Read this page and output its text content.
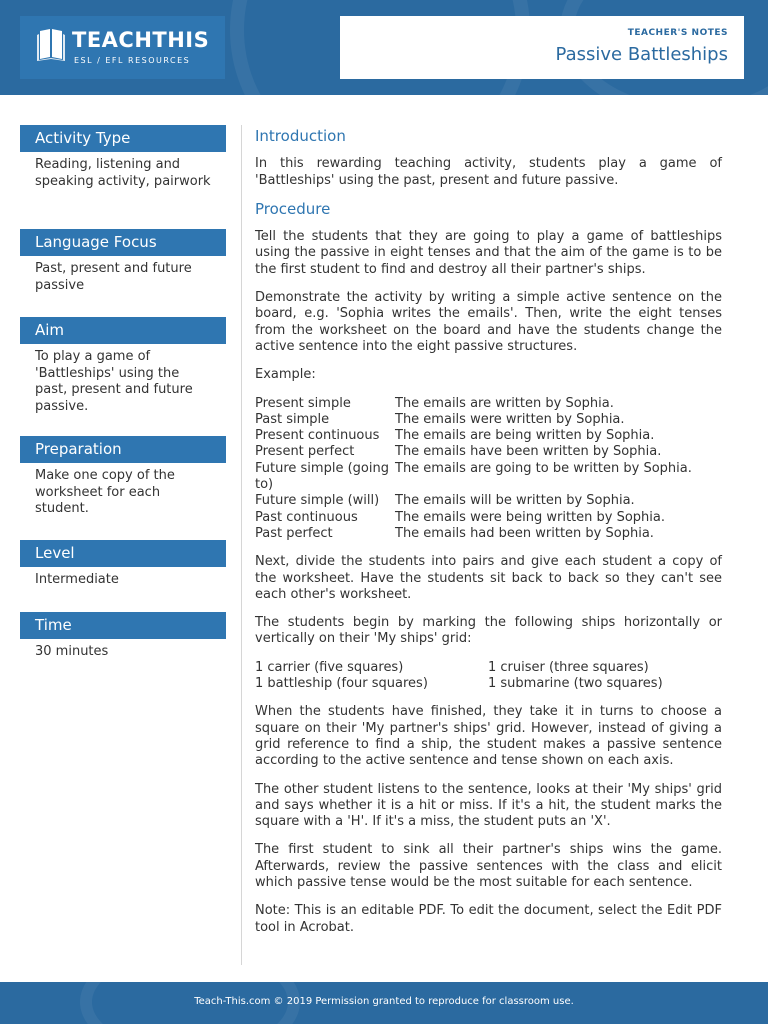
TEACHTHIS
ESL / EFL RESOURCES
TEACHER'S NOTES
Passive Battleships
Activity Type
Reading, listening and speaking activity, pairwork
Language Focus
Past, present and future passive
Aim
To play a game of 'Battleships' using the past, present and future passive.
Preparation
Make one copy of the worksheet for each student.
Level
Intermediate
Time
30 minutes
Introduction

In this rewarding teaching activity, students play a game of 'Battleships' using the past, present and future passive.

Procedure

Tell the students that they are going to play a game of battleships using the passive in eight tenses and that the aim of the game is to be the first student to find and destroy all their partner's ships.

Demonstrate the activity by writing a simple active sentence on the board, e.g. 'Sophia writes the emails'. Then, write the eight tenses from the worksheet on the board and have the students change the active sentence into the eight passive structures.

Example:

Present simple	The emails are written by Sophia.
Past simple	The emails were written by Sophia.
Present continuous	The emails are being written by Sophia.
Present perfect	The emails have been written by Sophia.
Future simple (going to)
The emails are going to be written by Sophia.
Future simple (will)	The emails will be written by Sophia.
Past continuous	The emails were being written by Sophia.
Past perfect	The emails had been written by Sophia.

Next, divide the students into pairs and give each student a copy of the worksheet. Have the students sit back to back so they can't see each other's worksheet.

The students begin by marking the following ships horizontally or vertically on their 'My ships' grid:

1 carrier (five squares)	1 cruiser (three squares)
1 battleship (four squares)	1 submarine (two squares)

When the students have finished, they take it in turns to choose a square on their 'My partner's ships' grid. However, instead of giving a grid reference to find a ship, the student makes a passive sentence according to the active sentence and tense shown on each axis.

The other student listens to the sentence, looks at their 'My ships' grid and says whether it is a hit or miss. If it's a hit, the student marks the square with a 'H'. If it's a miss, the student puts an 'X'.

The first student to sink all their partner's ships wins the game. Afterwards, review the passive sentences with the class and elicit which passive tense would be the most suitable for each sentence.

Note: This is an editable PDF. To edit the document, select the Edit PDF tool in Acrobat.

Teach-This.com © 2019 Permission granted to reproduce for classroom use.
